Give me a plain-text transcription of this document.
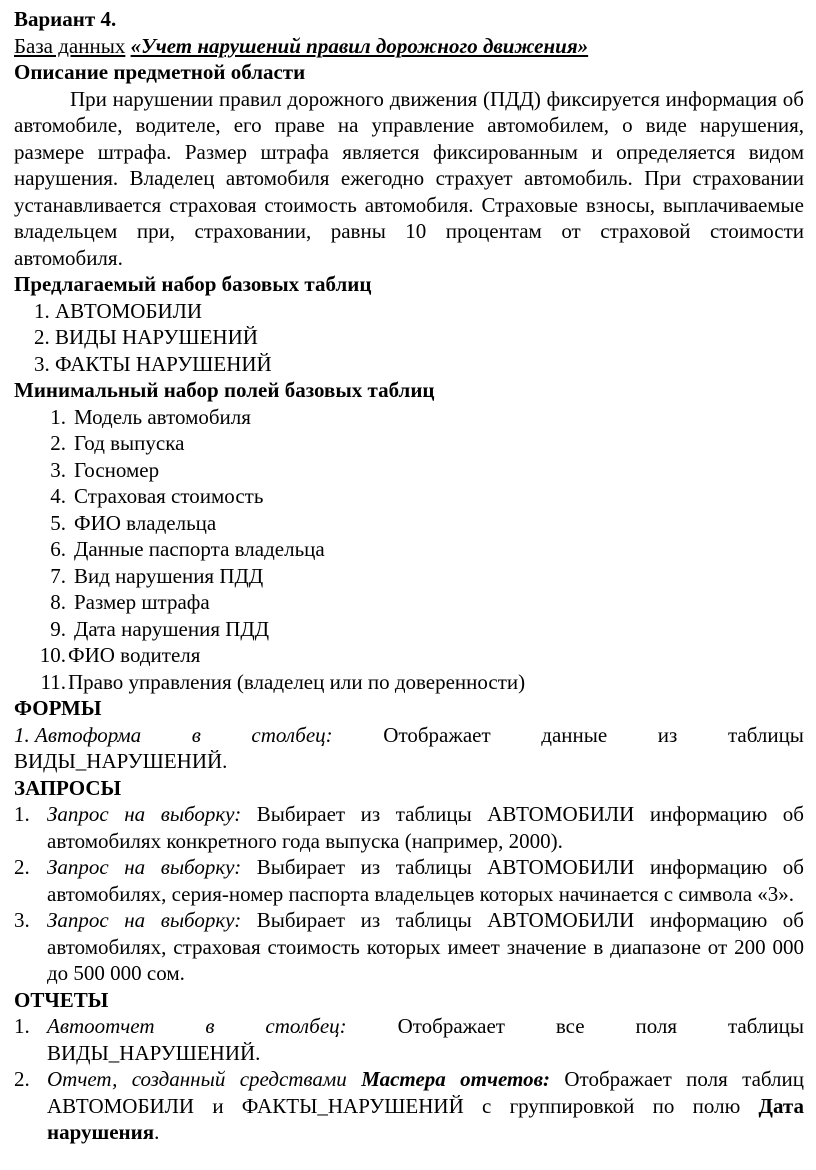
Вариант 4.

База данных «Учет нарушений правил дорожного движения»

Описание предметной области

При нарушении правил дорожного движения (ПДД) фиксируется информация об автомобиле, водителе, его праве на управление автомобилем, о виде нарушения, размере штрафа. Размер штрафа является фиксированным и определяется видом нарушения. Владелец автомобиля ежегодно страхует автомобиль. При страховании устанавливается страховая стоимость автомобиля. Страховые взносы, выплачиваемые владельцем при, страховании, равны 10 процентам от страховой стоимости автомобиля.

Предлагаемый набор базовых таблиц

1. АВТОМОБИЛИ
2. ВИДЫ НАРУШЕНИЙ
3. ФАКТЫ НАРУШЕНИЙ

Минимальный набор полей базовых таблиц

1. Модель автомобиля
2. Год выпуска
3. Госномер
4. Страховая стоимость
5. ФИО владельца
6. Данные паспорта владельца
7. Вид нарушения ПДД
8. Размер штрафа
9. Дата нарушения ПДД
10. ФИО водителя
11. Право управления (владелец или по доверенности)

ФОРМЫ

1. Автоформа в столбец: Отображает данные из таблицы

ВИДЫ_НАРУШЕНИЙ.

ЗАПРОСЫ

1. Запрос на выборку: Выбирает из таблицы АВТОМОБИЛИ информацию об автомобилях конкретного года выпуска (например, 2000).
2. Запрос на выборку: Выбирает из таблицы АВТОМОБИЛИ информацию об автомобилях, серия-номер паспорта владельцев которых начинается с символа «3».
3. Запрос на выборку: Выбирает из таблицы АВТОМОБИЛИ информацию об автомобилях, страховая стоимость которых имеет значение в диапазоне от 200 000 до 500 000 сом.

ОТЧЕТЫ

1. Автоотчет в столбец: Отображает все поля таблицы
ВИДЫ_НАРУШЕНИЙ.
2. Отчет, созданный средствами Мастера отчетов: Отображает поля таблиц АВТОМОБИЛИ и ФАКТЫ_НАРУШЕНИЙ с группировкой по полю Дата нарушения.
